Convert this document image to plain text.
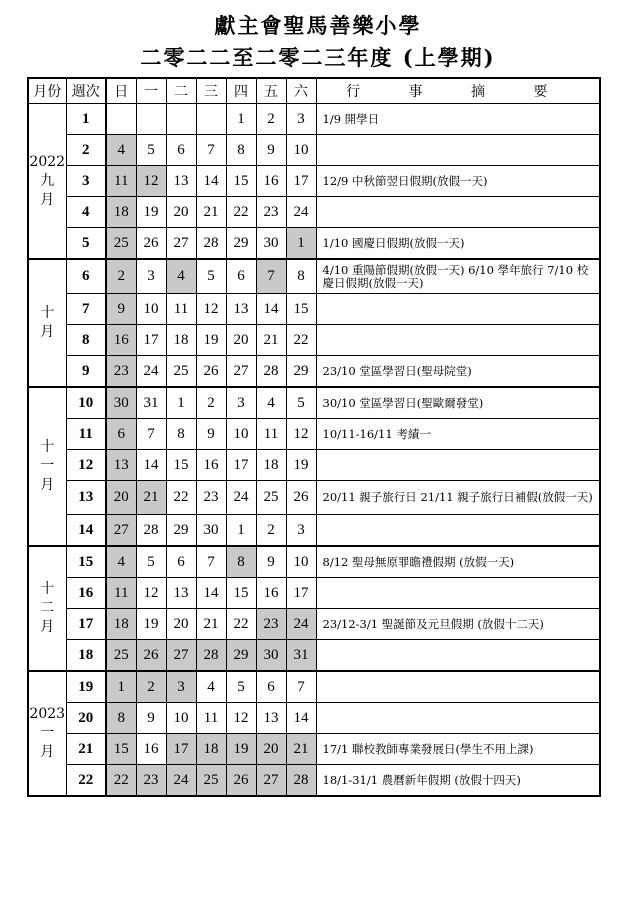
獻主會聖馬善樂小學
二零二二至二零二三年度 (上學期)
月份	週次	日	一	二	三	四	五	六	行 事 摘 要

2022
九
月	1					1	2	3	1/9 開學日
	2	4	5	6	7	8	9	10	
	3	11	12	13	14	15	16	17	12/9 中秋節翌日假期(放假一天)
	4	18	19	20	21	22	23	24	
	5	25	26	27	28	29	30	1	1/10 國慶日假期(放假一天)

十
月	6	2	3	4	5	6	7	8	4/10 重陽節假期(放假一天) 6/10 學年旅行 7/10 校慶日假期(放假一天)
	7	9	10	11	12	13	14	15	
	8	16	17	18	19	20	21	22	
	9	23	24	25	26	27	28	29	23/10 堂區學習日(聖母院堂)

十
一
月	10	30	31	1	2	3	4	5	30/10 堂區學習日(聖歐爾發堂)
	11	6	7	8	9	10	11	12	10/11-16/11 考績一
	12	13	14	15	16	17	18	19	
	13	20	21	22	23	24	25	26	20/11 親子旅行日 21/11 親子旅行日補假(放假一天)
	14	27	28	29	30	1	2	3	

十
二
月	15	4	5	6	7	8	9	10	8/12 聖母無原罪瞻禮假期 (放假一天)
	16	11	12	13	14	15	16	17	
	17	18	19	20	21	22	23	24	23/12-3/1 聖誕節及元旦假期 (放假十二天)
	18	25	26	27	28	29	30	31	

2023
一
月	19	1	2	3	4	5	6	7	
	20	8	9	10	11	12	13	14	
	21	15	16	17	18	19	20	21	17/1 聯校教師專業發展日(學生不用上課)
	22	22	23	24	25	26	27	28	18/1-31/1 農曆新年假期 (放假十四天)
